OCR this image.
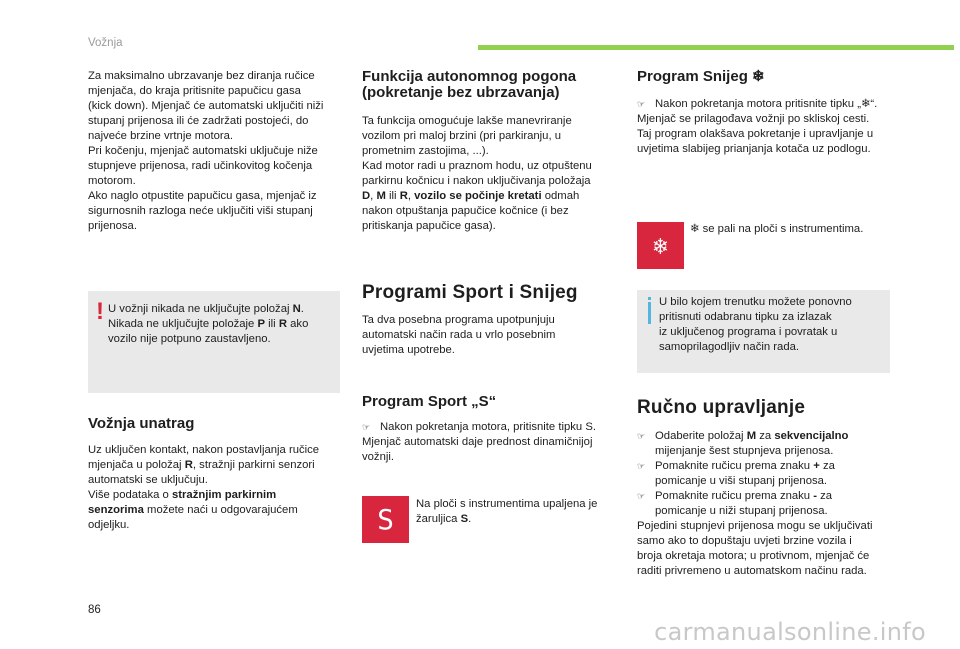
Vožnja
Za maksimalno ubrzavanje bez diranja ručice
mjenjača, do kraja pritisnite papučicu gasa
(kick down). Mjenjač će automatski uključiti niži
stupanj prijenosa ili će zadržati postojeći, do
najveće brzine vrtnje motora.
Pri kočenju, mjenjač automatski uključuje niže
stupnjeve prijenosa, radi učinkovitog kočenja
motorom.
Ako naglo otpustite papučicu gasa, mjenjač iz
sigurnosnih razloga neće uključiti viši stupanj
prijenosa.
! U vožnji nikada ne uključujte položaj N.
Nikada ne uključujte položaje P ili R ako
vozilo nije potpuno zaustavljeno.
Vožnja unatrag
Uz uključen kontakt, nakon postavljanja ručice
mjenjača u položaj R, stražnji parkirni senzori
automatski se uključuju.
Više podataka o stražnjim parkirnim
senzorima možete naći u odgovarajućem
odjeljku.
Funkcija autonomnog pogona
(pokretanje bez ubrzavanja)
Ta funkcija omogućuje lakše manevriranje
vozilom pri maloj brzini (pri parkiranju, u
prometnim zastojima, ...).
Kad motor radi u praznom hodu, uz otpuštenu
parkirnu kočnicu i nakon uključivanja položaja
D, M ili R, vozilo se počinje kretati odmah
nakon otpuštanja papučice kočnice (i bez
pritiskanja papučice gasa).
Programi Sport i Snijeg
Ta dva posebna programa upotpunjuju
automatski način rada u vrlo posebnim
uvjetima upotrebe.
Program Sport „S“
☞ Nakon pokretanja motora, pritisnite tipku S.
Mjenjač automatski daje prednost dinamičnijoj
vožnji.
S Na ploči s instrumentima upaljena je
žaruljica S.
Program Snijeg ❄
☞ Nakon pokretanja motora pritisnite tipku „❄“.
Mjenjač se prilagođava vožnji po skliskoj cesti.
Taj program olakšava pokretanje i upravljanje u
uvjetima slabijeg prianjanja kotača uz podlogu.
❄
❄ se pali na ploči s instrumentima.
U bilo kojem trenutku možete ponovno
pritisnuti odabranu tipku za izlazak
iz uključenog programa i povratak u
samoprilagodljiv način rada.
Ručno upravljanje
☞ Odaberite položaj M za sekvencijalno
mijenjanje šest stupnjeva prijenosa.
☞ Pomaknite ručicu prema znaku + za
pomicanje u viši stupanj prijenosa.
☞ Pomaknite ručicu prema znaku - za
pomicanje u niži stupanj prijenosa.
Pojedini stupnjevi prijenosa mogu se uključivati
samo ako to dopuštaju uvjeti brzine vozila i
broja okretaja motora; u protivnom, mjenjač će
raditi privremeno u automatskom načinu rada.
86
carmanualsonline.info
